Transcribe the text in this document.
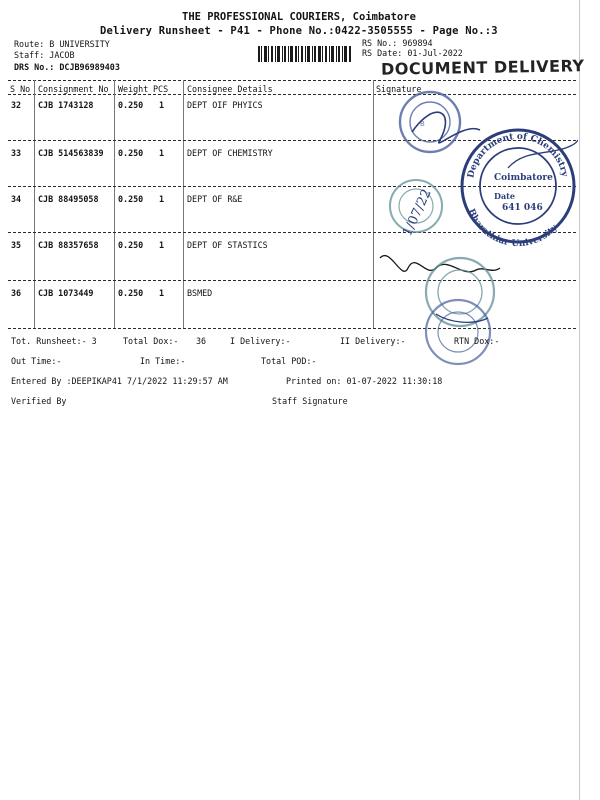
THE PROFESSIONAL COURIERS, Coimbatore
Delivery Runsheet - P41 - Phone No.:0422-3505555 - Page No.:3
Route: B UNIVERSITY
Staff: JACOB
DRS No.: DCJB96989403
RS No.: 969894
RS Date: 01-Jul-2022
DOCUMENT DELIVERY
S No Consignment No Weight PCS Consignee Details	Signature
32 CJB 1743128	0.250 1	DEPT OIF PHYICS
33 CJB 514563839 0.250 1	DEPT OF CHEMISTRY
34 CJB 88495058 0.250 1	DEPT OF R&E
35 CJB 88357658 0.250 1	DEPT OF STASTICS
36 CJB 1073449	0.250 1	BSMED
B
Department of Chemistry
Bharathiar University
Coimbatore
Date
641 046
1/07/22
Tot. Runsheet:- 3	Total Dox:- 36	I Delivery:-	II Delivery:-	RTN Dox:-
Out Time:-	In Time:-	Total POD:-
Entered By :DEEPIKAP41 7/1/2022 11:29:57 AM	Printed on: 01-07-2022 11:30:18
Verified By	Staff Signature
